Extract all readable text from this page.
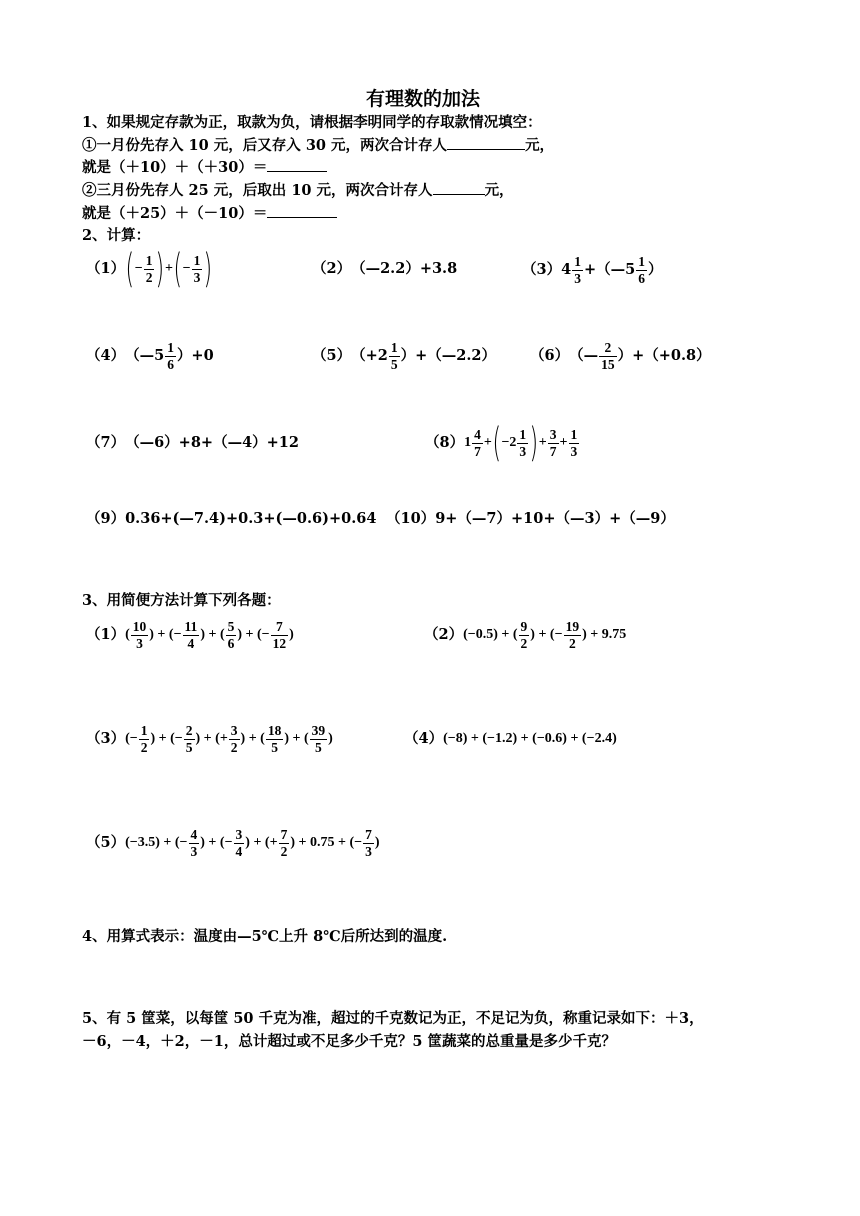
有理数的加法
1、如果规定存款为正，取款为负，请根据李明同学的存取款情况填空：
①一月份先存入 10 元，后又存入 30 元，两次合计存人	元，
就是（＋10）＋（＋30）＝
②三月份先存人 25 元，后取出 10 元，两次合计存人	元，
就是（＋25）＋（－10）＝
2、计算：
（1） ( − $\frac{1}{2}$ ) + ( − $\frac{1}{3}$ )	（2） （—2.2）+3.8	（3） $4 \frac{1}{3}$ +（—5 $\frac{1}{6}$ ）
（4） （—5 $\frac{1}{6} )+0$	（5） （$+2 \frac{1}{5}$ ）+（—2.2） （6） （— $\frac{2}{15} )+(+0.8)$
（7） （—6）+8+（—4）+12	（8） $1 \frac{4}{7}$ + ( $-2 \frac{1}{3}$ ) + $\frac{3}{7} + \frac{1}{3}$
（9） 0.36+(—7.4)+0.3+(—0.6)+0.64 （10） 9+（—7）+10+（—3）+（—9）
3、用简便方法计算下列各题：
（1） ( $\frac{10}{3}$ ) + (− $\frac{11}{4}$ ) + ( $\frac{5}{6}$ ) + (− $\frac{7}{12}$ )	（2） (−0.5) + ( $\frac{9}{2}$ ) + (− $\frac{19}{2}$ ) + 9.75
（3） (− $\frac{1}{2}$ ) + (− $\frac{2}{5}$ ) + (+ $\frac{3}{2}$ ) + ( $\frac{18}{5}$ ) + ( $\frac{39}{5}$ )	（4） (−8) + (−1.2) + (−0.6) + (−2.4)
（5） (−3.5) + (− $\frac{4}{3}$ ) + (− $\frac{3}{4}$ ) + (+ $\frac{7}{2}$ ) + 0.75 + (− $\frac{7}{3}$ )
4、用算式表示：温度由—5℃上升 8℃后所达到的温度.
5、有 5 筐菜，以每筐 50 千克为准，超过的千克数记为正，不足记为负，称重记录如下：＋3，
－6，－4，＋2，－1，总计超过或不足多少千克？5 筐蔬菜的总重量是多少千克？
